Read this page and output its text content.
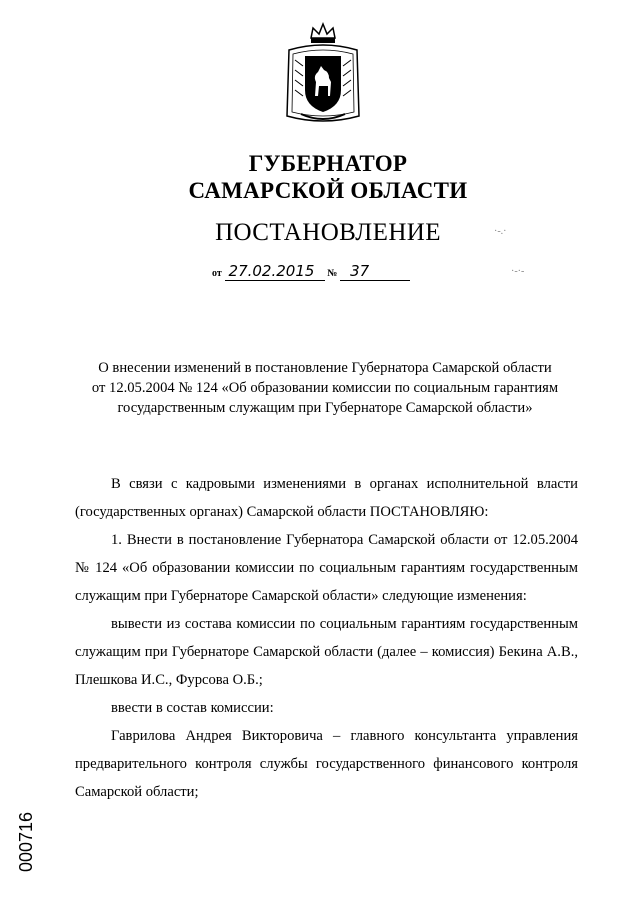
ГУБЕРНАТОР
САМАРСКОЙ ОБЛАСТИ
ПОСТАНОВЛЕНИЕ
от 27.02.2015 № 37
О внесении изменений в постановление Губернатора Самарской области
от 12.05.2004 № 124 «Об образовании комиссии по социальным гарантиям
государственным служащим при Губернаторе Самарской области»

В связи с кадровыми изменениями в органах исполнительной власти (государственных органах) Самарской области ПОСТАНОВЛЯЮ:

1. Внести в постановление Губернатора Самарской области от 12.05.2004 № 124 «Об образовании комиссии по социальным гарантиям государственным служащим при Губернаторе Самарской области» следующие изменения:

вывести из состава комиссии по социальным гарантиям государственным служащим при Губернаторе Самарской области (далее – комиссия) Бекина А.В., Плешкова И.С., Фурсова О.Б.;

ввести в состав комиссии:

Гаврилова Андрея Викторовича – главного консультанта управления предварительного контроля службы государственного финансового контроля Самарской области;

000716
·-.·
·-·-
